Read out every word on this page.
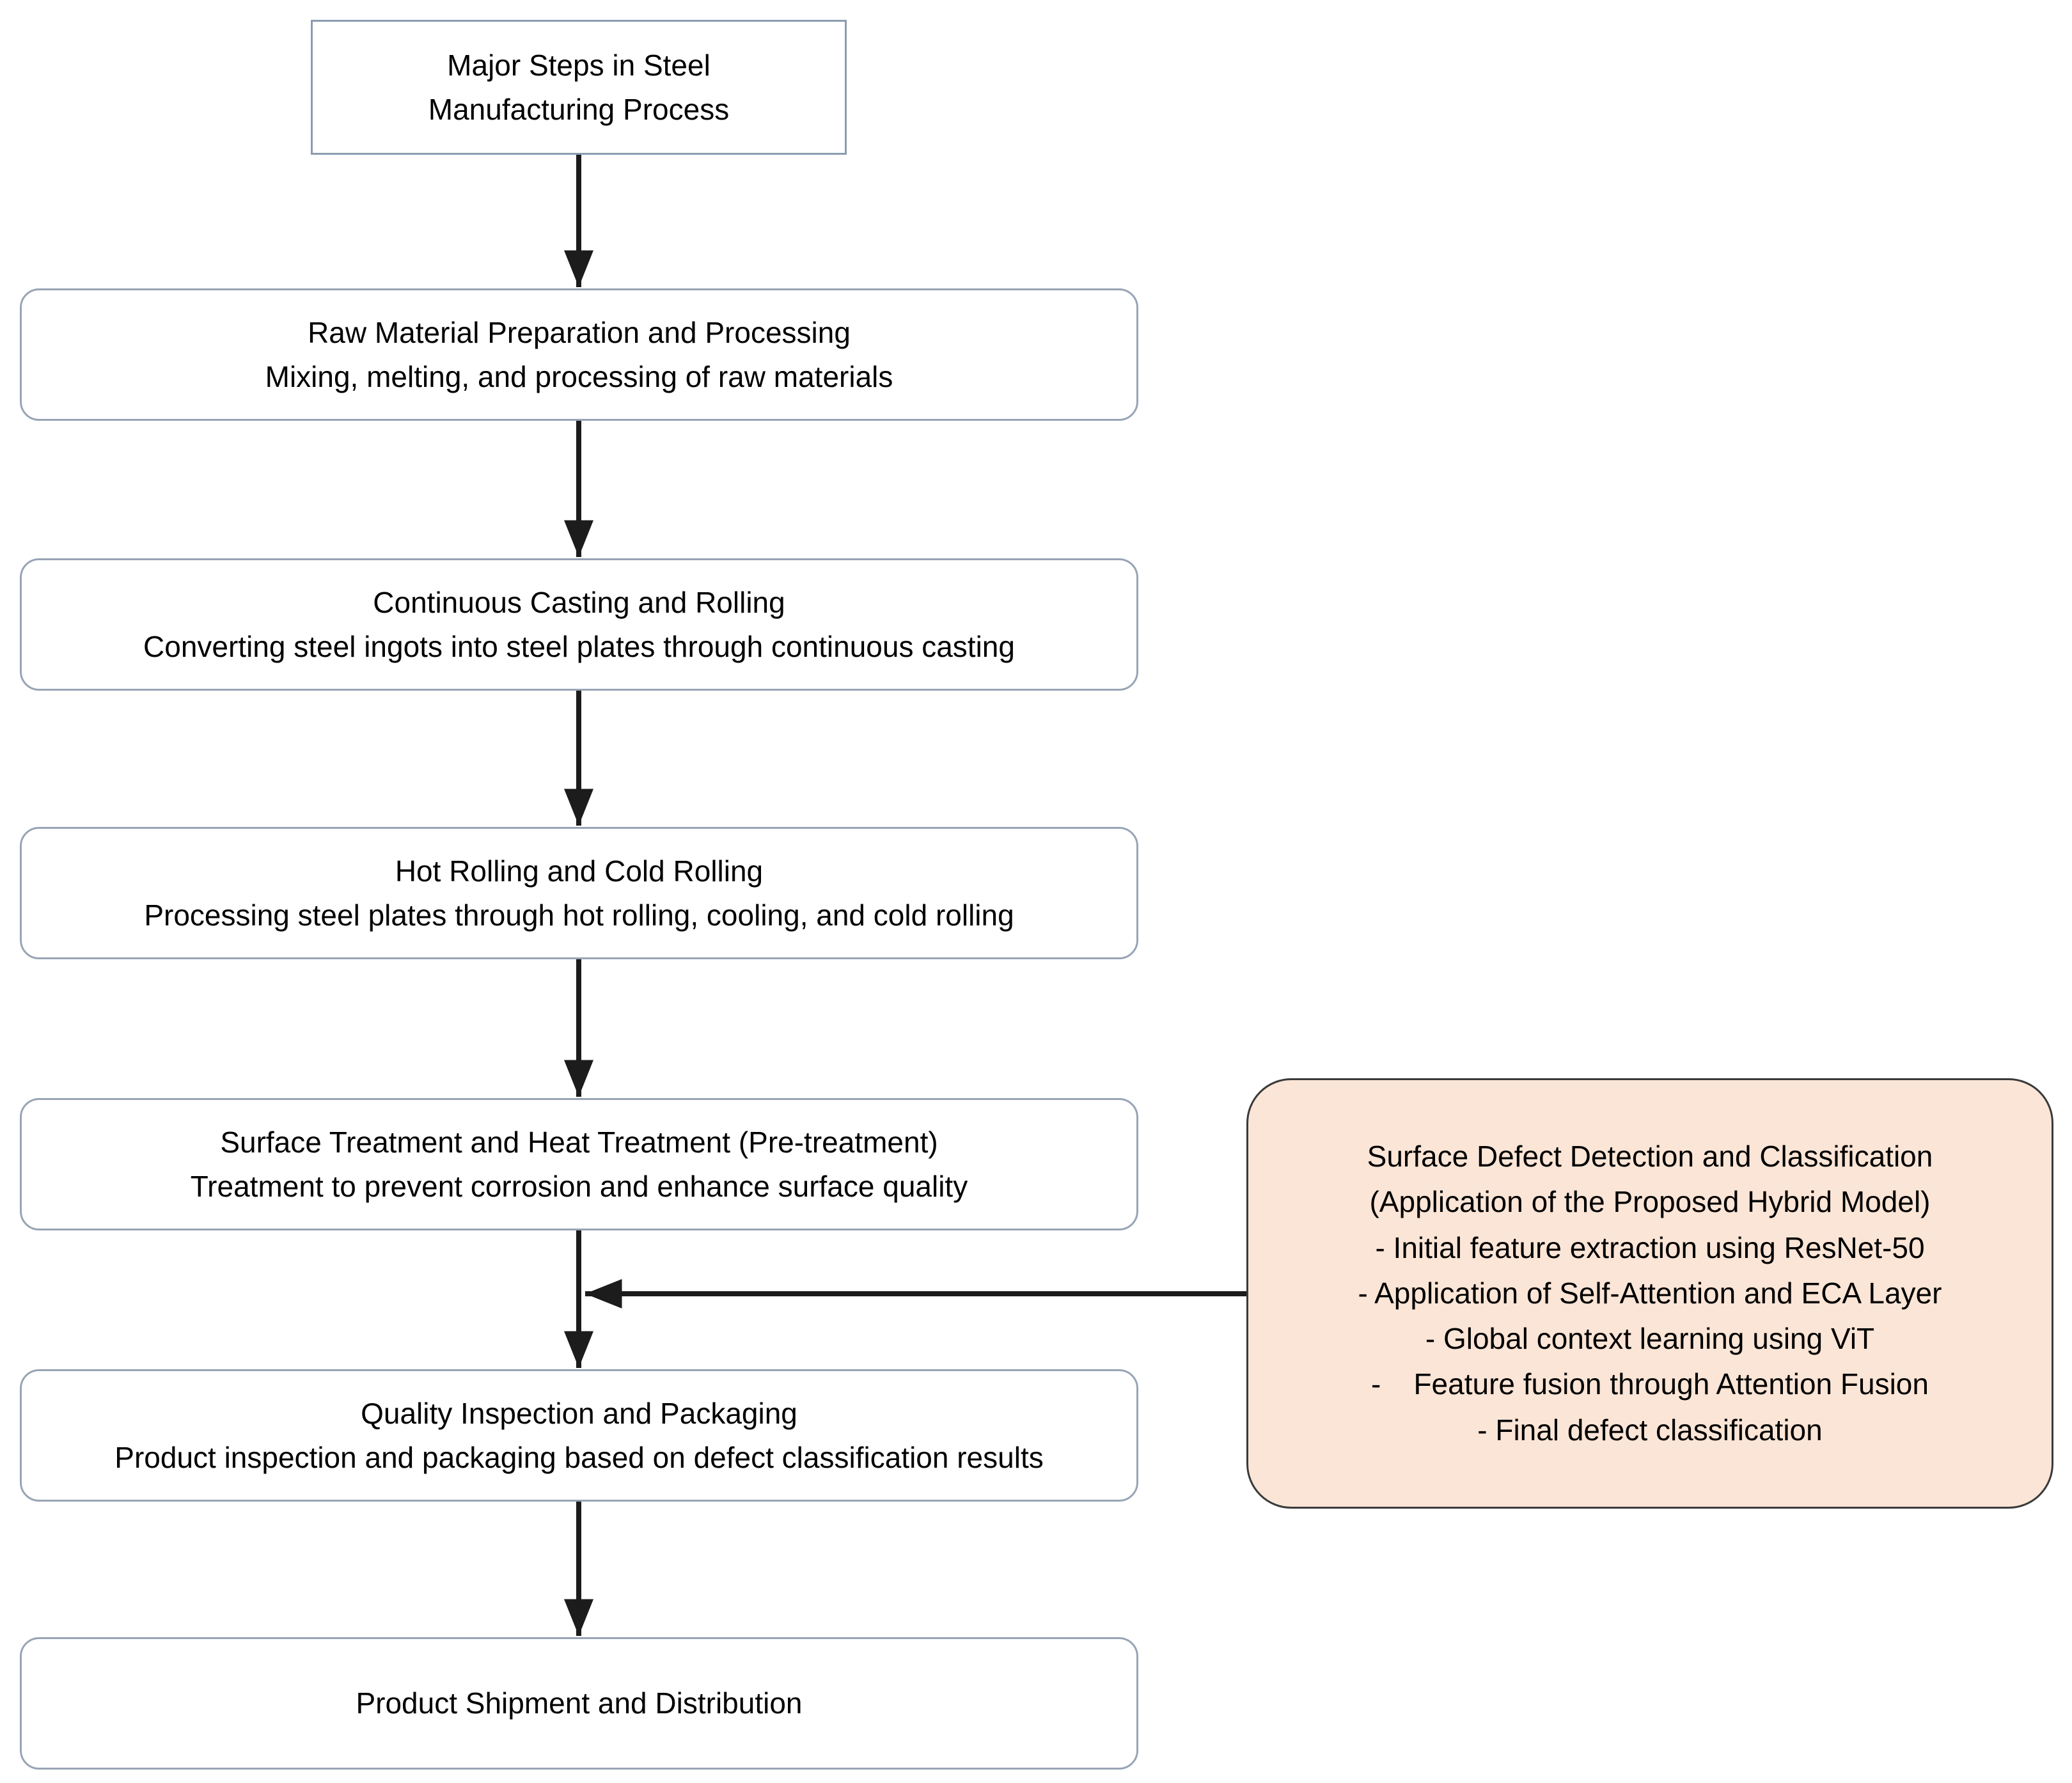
Major Steps in Steel
Manufacturing Process
Raw Material Preparation and Processing
Mixing, melting, and processing of raw materials
Continuous Casting and Rolling
Converting steel ingots into steel plates through continuous casting
Hot Rolling and Cold Rolling
Processing steel plates through hot rolling, cooling, and cold rolling
Surface Treatment and Heat Treatment (Pre-treatment)
Treatment to prevent corrosion and enhance surface quality
Quality Inspection and Packaging
Product inspection and packaging based on defect classification results
Product Shipment and Distribution
Surface Defect Detection and Classification
(Application of the Proposed Hybrid Model)
- Initial feature extraction using ResNet-50
- Application of Self-Attention and ECA Layer
- Global context learning using ViT
-    Feature fusion through Attention Fusion
- Final defect classification
